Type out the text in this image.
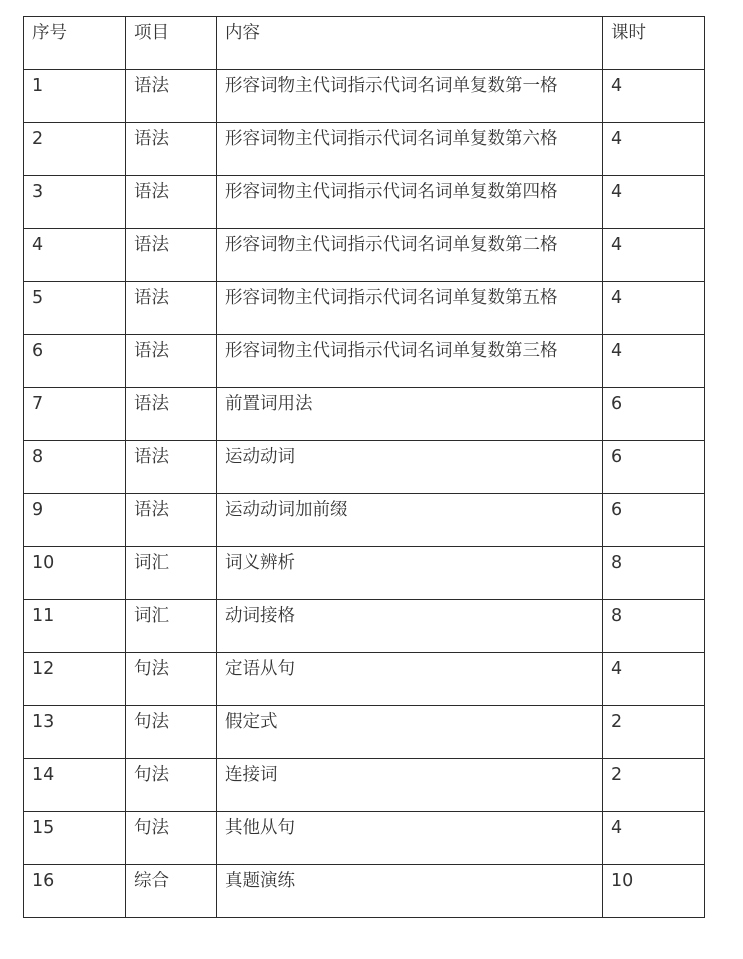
序号	项目	内容	课时
1	语法	形容词物主代词指示代词名词单复数第一格	4
2	语法	形容词物主代词指示代词名词单复数第六格	4
3	语法	形容词物主代词指示代词名词单复数第四格	4
4	语法	形容词物主代词指示代词名词单复数第二格	4
5	语法	形容词物主代词指示代词名词单复数第五格	4
6	语法	形容词物主代词指示代词名词单复数第三格	4
7	语法	前置词用法	6
8	语法	运动动词	6
9	语法	运动动词加前缀	6
10	词汇	词义辨析	8
11	词汇	动词接格	8
12	句法	定语从句	4
13	句法	假定式	2
14	句法	连接词	2
15	句法	其他从句	4
16	综合	真题演练	10
